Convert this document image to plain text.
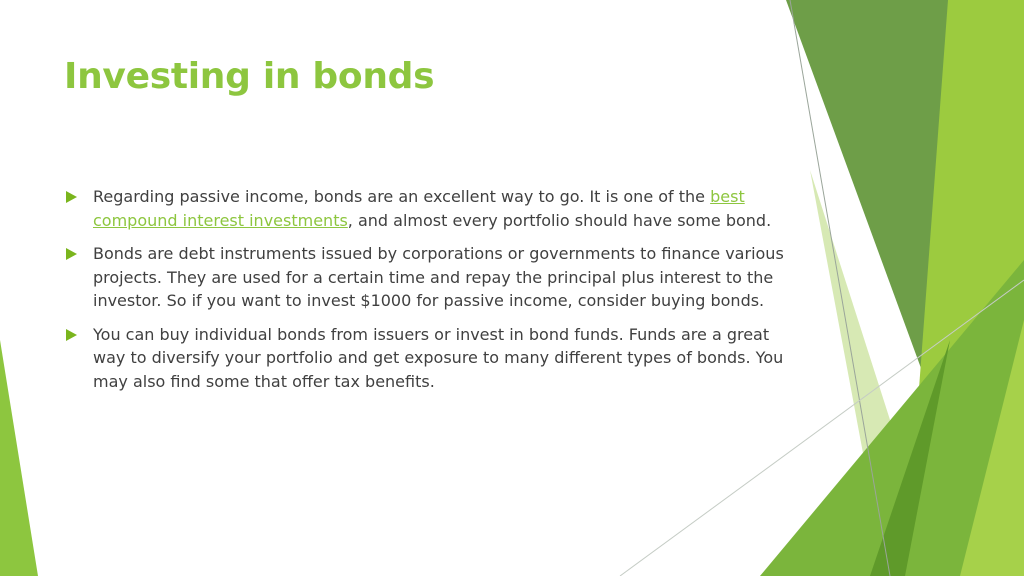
Investing in bonds
Regarding passive income, bonds are an excellent way to go. It is one of the best compound interest investments, and almost every portfolio should have some bond.
Bonds are debt instruments issued by corporations or governments to finance various projects. They are used for a certain time and repay the principal plus interest to the investor. So if you want to invest $1000 for passive income, consider buying bonds.
You can buy individual bonds from issuers or invest in bond funds. Funds are a great way to diversify your portfolio and get exposure to many different types of bonds. You may also find some that offer tax benefits.
